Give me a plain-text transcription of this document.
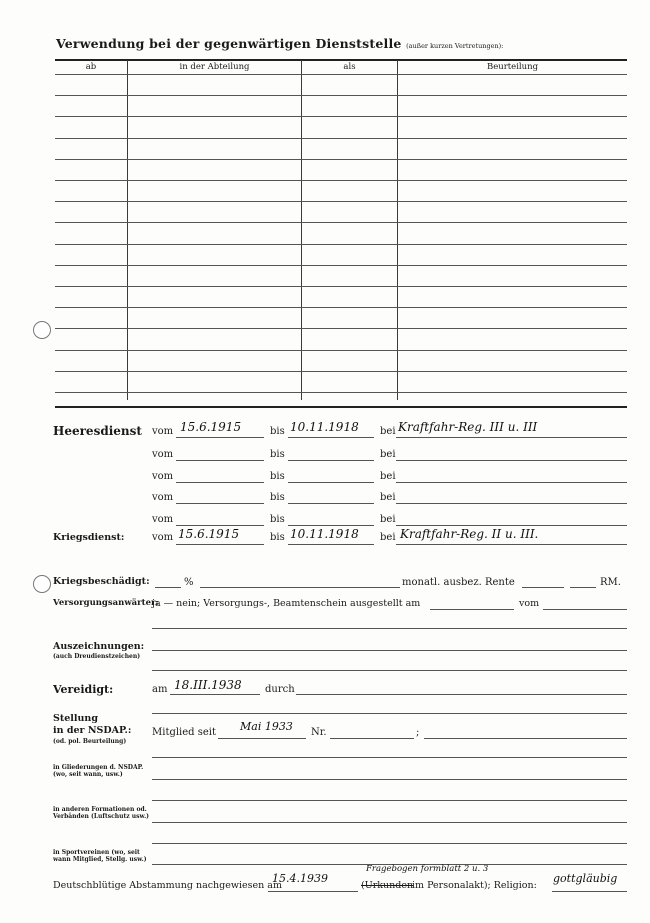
Verwendung bei der gegenwärtigen Dienststelle (außer kurzen Vertretungen):
ab	in der Abteilung	als	Beurteilung
Heeresdienst vom	bis	bei
15.6.1915	10.11.1918	Kraftfahr-Reg. III u. III
vom	bis	bei
vom	bis	bei
vom	bis	bei
vom	bis	bei
Kriegsdienst:	vom 15.6.1915	bis 10.11.1918 bei Kraftfahr-Reg. II u. III.
Kriegsbeschädigt:	%	monatl. ausbez. Rente	RM.
Versorgungsanwärter:
ja — nein; Versorgungs-, Beamtenschein ausgestellt am	vom
Auszeichnungen:
(auch Dreudienstzeichen)
Vereidigt:	am 18.III.1938 durch
Stellung
in der NSDAP.:
(od. pol. Beurteilung)
Mitglied seit Mai 1933 Nr.	;
in Gliederungen d. NSDAP.
(wo, seit wann, usw.)
in anderen Formationen od.
Verbänden (Luftschutz usw.)
in Sportvereinen (wo, seit
wann Mitglied, Stellg. usw.)
Deutschblütige Abstammung nachgewiesen am
15.4.1939
Fragebogen formblatt 2 u. 3
(Urkunden
im Personalakt); Religion:
gottgläubig
